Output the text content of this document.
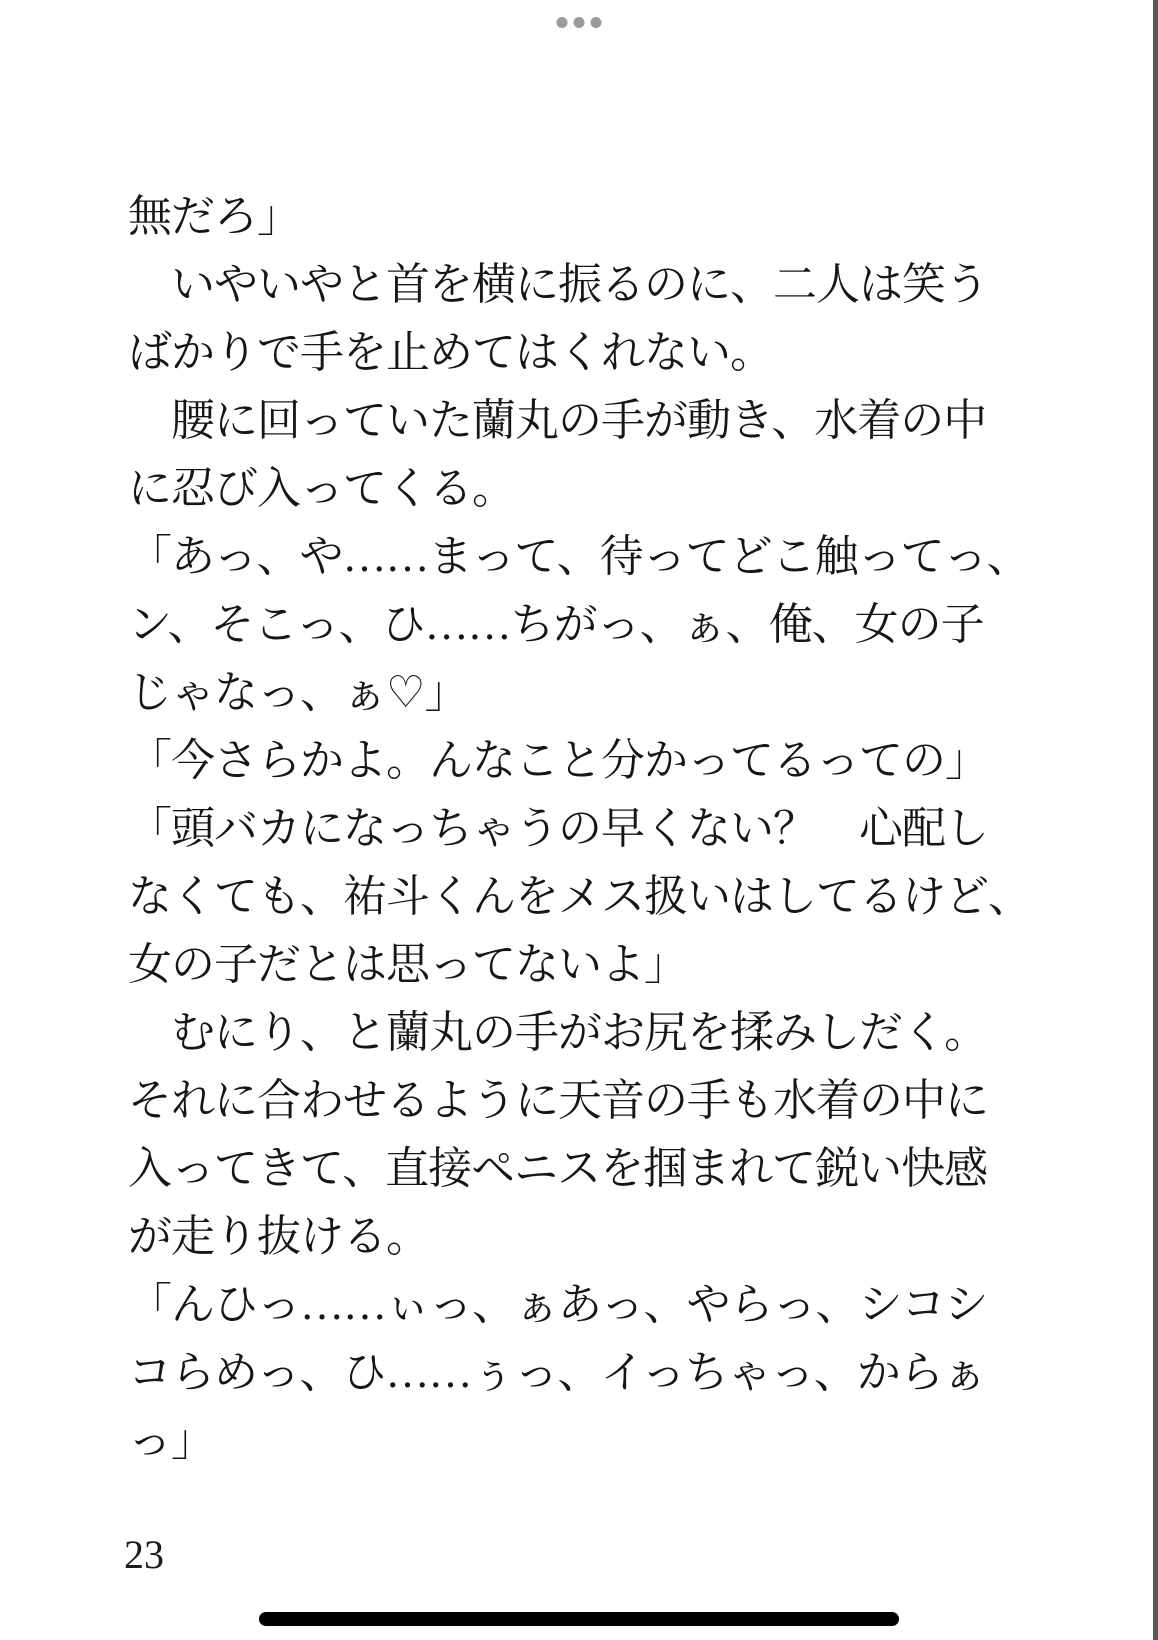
無だろ」

　いやいやと首を横に振るのに、二人は笑う

ばかりで手を止めてはくれない。

　腰に回っていた蘭丸の手が動き、水着の中

に忍び入ってくる。

「あっ、や……まって、待ってどこ触ってっ、

ン、そこっ、ひ……ちがっ、ぁ、俺、女の子

じゃなっ、ぁ♡」

「今さらかよ。んなこと分かってるっての」

「頭バカになっちゃうの早くない？　心配し

なくても、祐斗くんをメス扱いはしてるけど、

女の子だとは思ってないよ」

　むにり、と蘭丸の手がお尻を揉みしだく。

それに合わせるように天音の手も水着の中に

入ってきて、直接ペニスを掴まれて鋭い快感

が走り抜ける。

「んひっ……ぃっ、ぁあっ、やらっ、シコシ

コらめっ、ひ……ぅっ、イっちゃっ、からぁ

っ」

23
